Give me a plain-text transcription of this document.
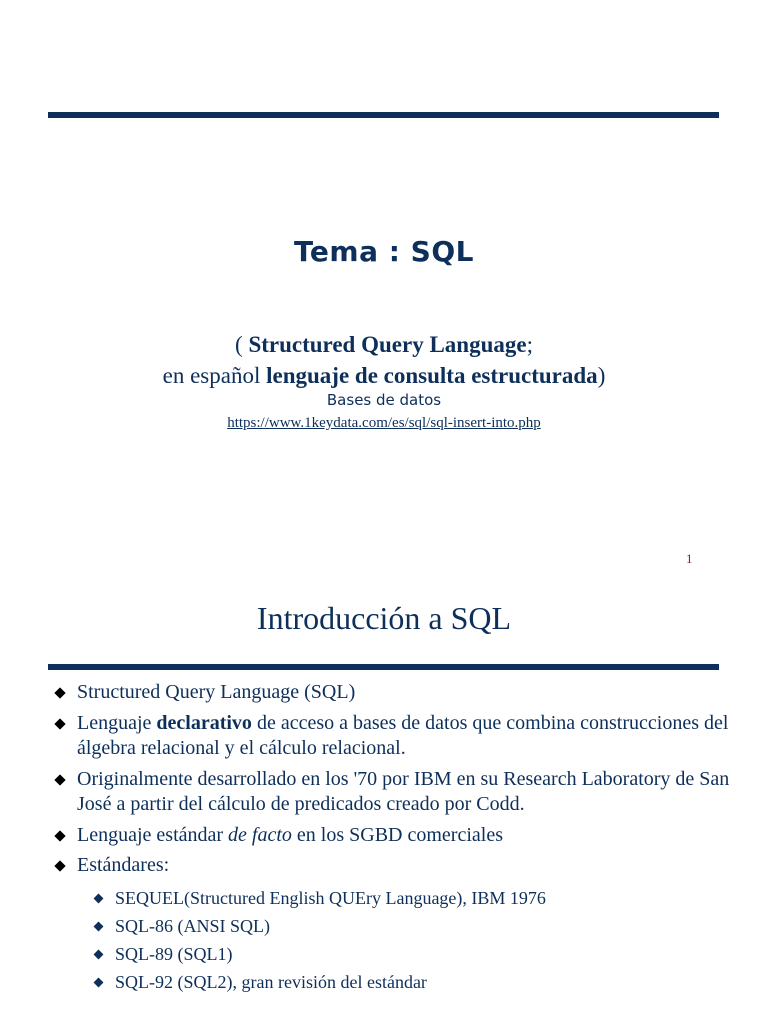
Tema : SQL
( Structured Query Language;
en español lenguaje de consulta estructurada)
Bases de datos
https://www.1keydata.com/es/sql/sql-insert-into.php
1
Introducción a SQL
Structured Query Language (SQL)
Lenguaje declarativo de acceso a bases de datos que combina construcciones del álgebra relacional y el cálculo relacional.
Originalmente desarrollado en los '70 por IBM en su Research Laboratory de San José a partir del cálculo de predicados creado por Codd.
Lenguaje estándar de facto en los SGBD comerciales
Estándares:
SEQUEL(Structured English QUEry Language), IBM 1976
SQL-86 (ANSI SQL)
SQL-89 (SQL1)
SQL-92 (SQL2), gran revisión del estándar
